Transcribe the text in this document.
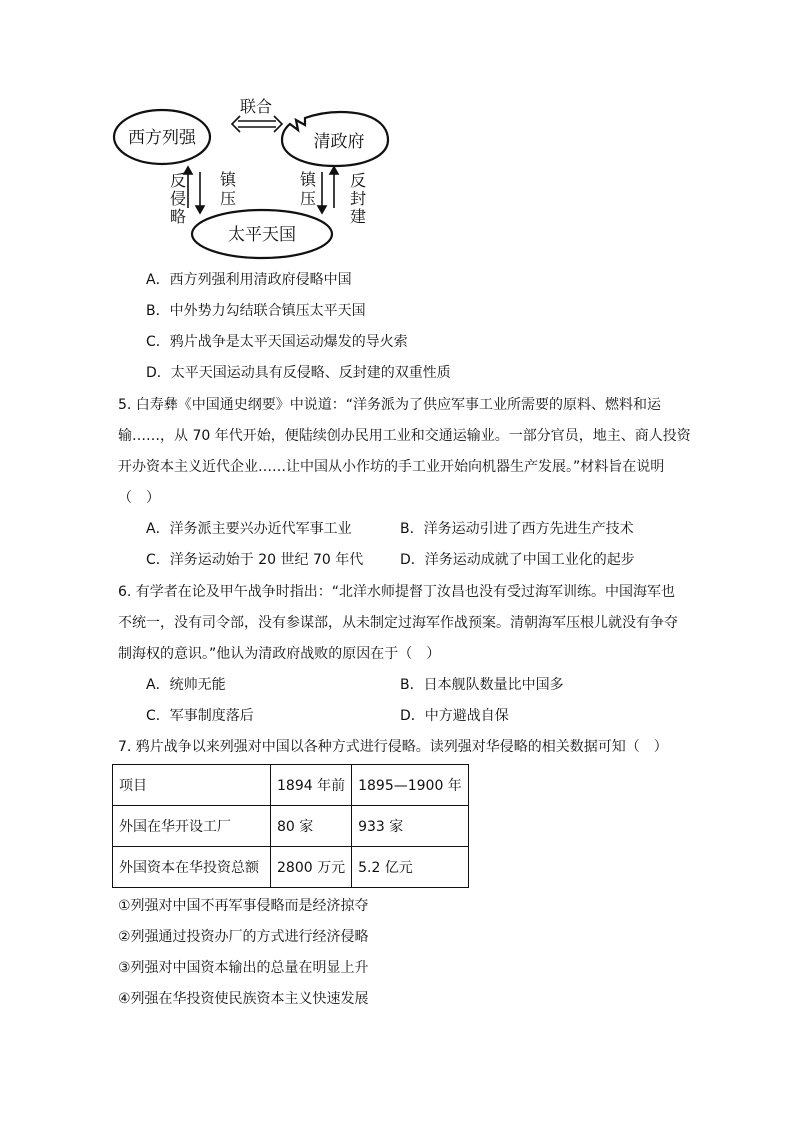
西方列强	清政府
太平天国
联合
反侵略
镇压
镇压
反封建
A．西方列强利用清政府侵略中国
B．中外势力勾结联合镇压太平天国
C．鸦片战争是太平天国运动爆发的导火索
D．太平天国运动具有反侵略、反封建的双重性质
5. 白寿彝《中国通史纲要》中说道：“洋务派为了供应军事工业所需要的原料、燃料和运
输……，从 70 年代开始，便陆续创办民用工业和交通运输业。一部分官员，地主、商人投资
开办资本主义近代企业……让中国从小作坊的手工业开始向机器生产发展。”材料旨在说明
（　）
A．洋务派主要兴办近代军事工业	B．洋务运动引进了西方先进生产技术
C．洋务运动始于 20 世纪 70 年代	D．洋务运动成就了中国工业化的起步
6. 有学者在论及甲午战争时指出：“北洋水师提督丁汝昌也没有受过海军训练。中国海军也
不统一，没有司令部，没有参谋部，从未制定过海军作战预案。清朝海军压根儿就没有争夺
制海权的意识。”他认为清政府战败的原因在于（　）
A．统帅无能	B．日本舰队数量比中国多
C．军事制度落后	D．中方避战自保
7. 鸦片战争以来列强对中国以各种方式进行侵略。读列强对华侵略的相关数据可知（　）
项目	1894 年前	1895—1900 年
外国在华开设工厂	80 家	933 家
外国资本在华投资总额	2800 万元	5.2 亿元
①列强对中国不再军事侵略而是经济掠夺
②列强通过投资办厂的方式进行经济侵略
③列强对中国资本输出的总量在明显上升
④列强在华投资使民族资本主义快速发展
